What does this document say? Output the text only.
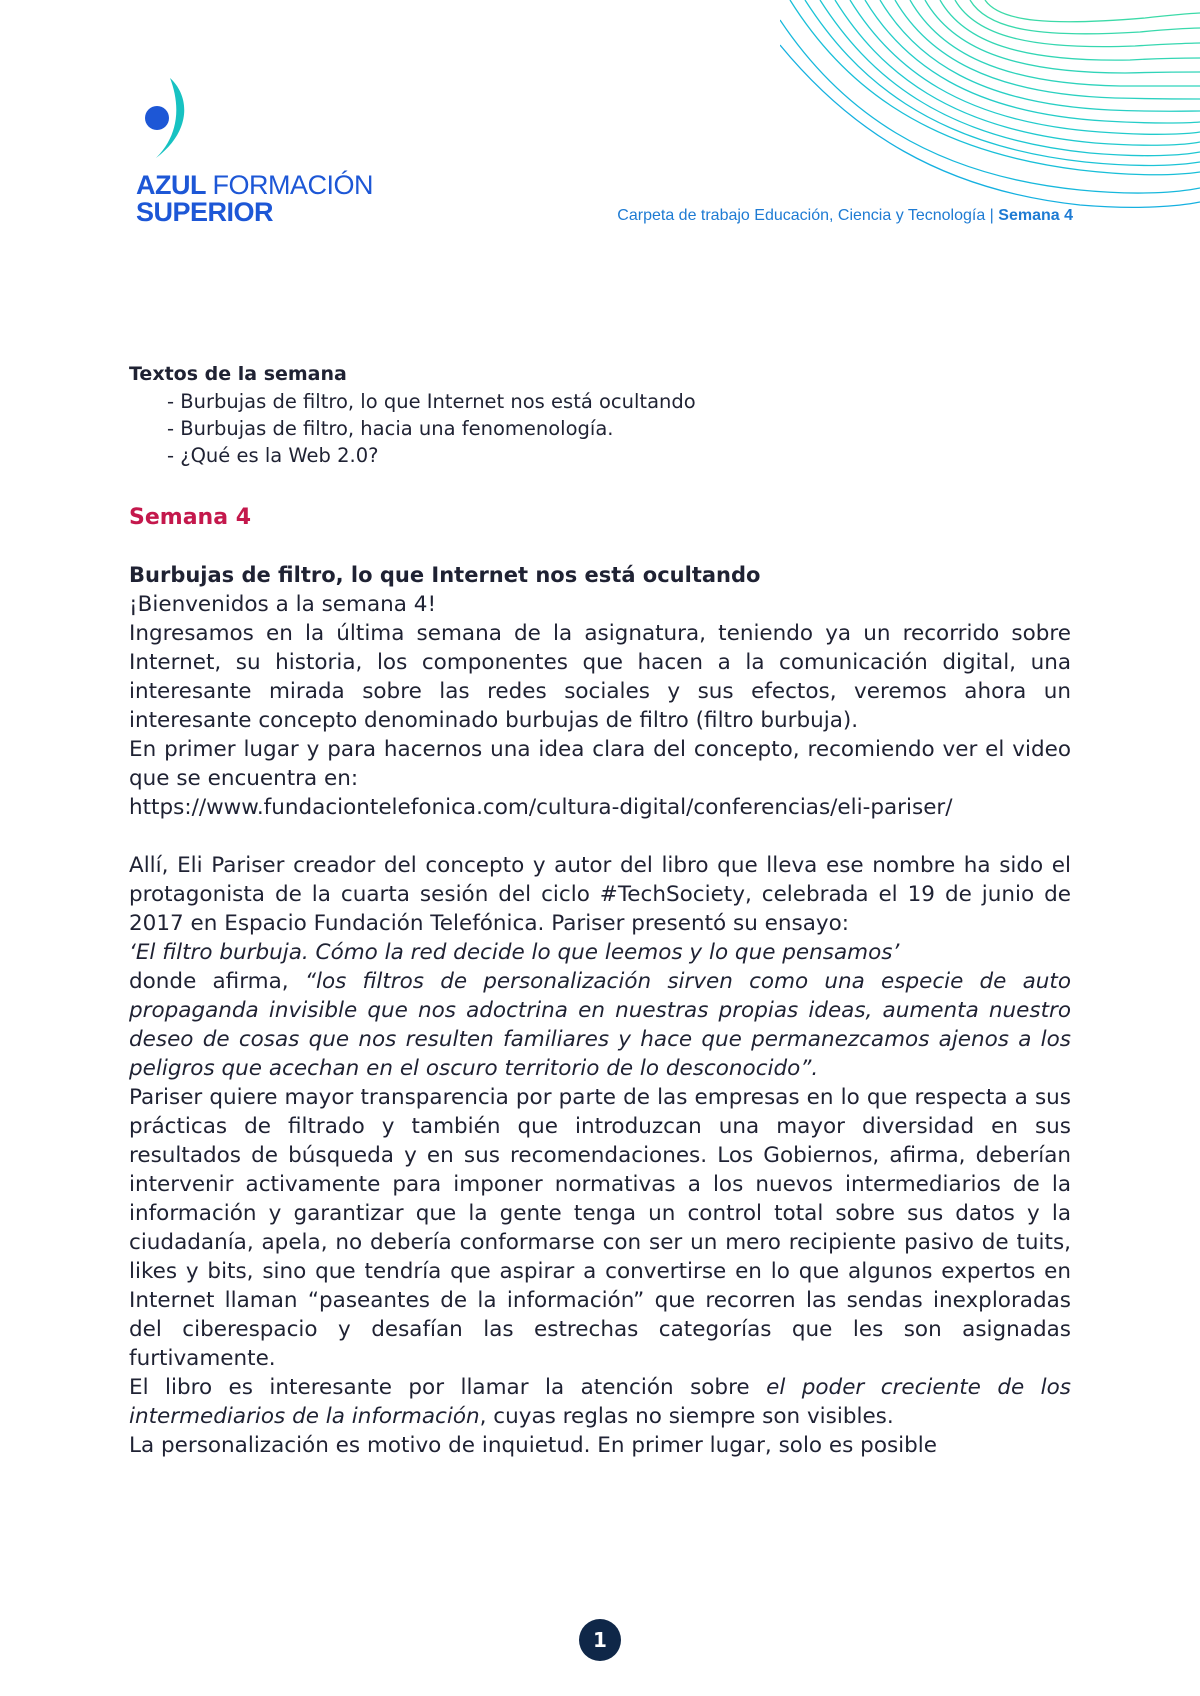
AZUL FORMACIÓN
SUPERIOR	Carpeta de trabajo Educación, Ciencia y Tecnología | Semana 4

Textos de la semana

- Burbujas de filtro, lo que Internet nos está ocultando
- Burbujas de filtro, hacia una fenomenología.
- ¿Qué es la Web 2.0?
Semana 4

Burbujas de filtro, lo que Internet nos está ocultando

¡Bienvenidos a la semana 4!

Ingresamos en la última semana de la asignatura, teniendo ya un recorrido sobre Internet, su historia, los componentes que hacen a la comunicación digital, una interesante mirada sobre las redes sociales y sus efectos, veremos ahora un interesante concepto denominado burbujas de filtro (filtro burbuja).

En primer lugar y para hacernos una idea clara del concepto, recomiendo ver el video que se encuentra en:

https://www.fundaciontelefonica.com/cultura-digital/conferencias/eli-pariser/

Allí, Eli Pariser creador del concepto y autor del libro que lleva ese nombre ha sido el protagonista de la cuarta sesión del ciclo #TechSociety, celebrada el 19 de junio de 2017 en Espacio Fundación Telefónica. Pariser presentó su ensayo:

‘El filtro burbuja. Cómo la red decide lo que leemos y lo que pensamos’

donde afirma, “los filtros de personalización sirven como una especie de auto propaganda invisible que nos adoctrina en nuestras propias ideas, aumenta nuestro deseo de cosas que nos resulten familiares y hace que permanezcamos ajenos a los peligros que acechan en el oscuro territorio de lo desconocido”.

Pariser quiere mayor transparencia por parte de las empresas en lo que respecta a sus prácticas de filtrado y también que introduzcan una mayor diversidad en sus resultados de búsqueda y en sus recomendaciones. Los Gobiernos, afirma, deberían intervenir activamente para imponer normativas a los nuevos intermediarios de la información y garantizar que la gente tenga un control total sobre sus datos y la ciudadanía, apela, no debería conformarse con ser un mero recipiente pasivo de tuits, likes y bits, sino que tendría que aspirar a convertirse en lo que algunos expertos en Internet llaman “paseantes de la información” que recorren las sendas inexploradas del ciberespacio y desafían las estrechas categorías que les son asignadas furtivamente.

El libro es interesante por llamar la atención sobre el poder creciente de los intermediarios de la información, cuyas reglas no siempre son visibles.

La personalización es motivo de inquietud. En primer lugar, solo es posible

1
